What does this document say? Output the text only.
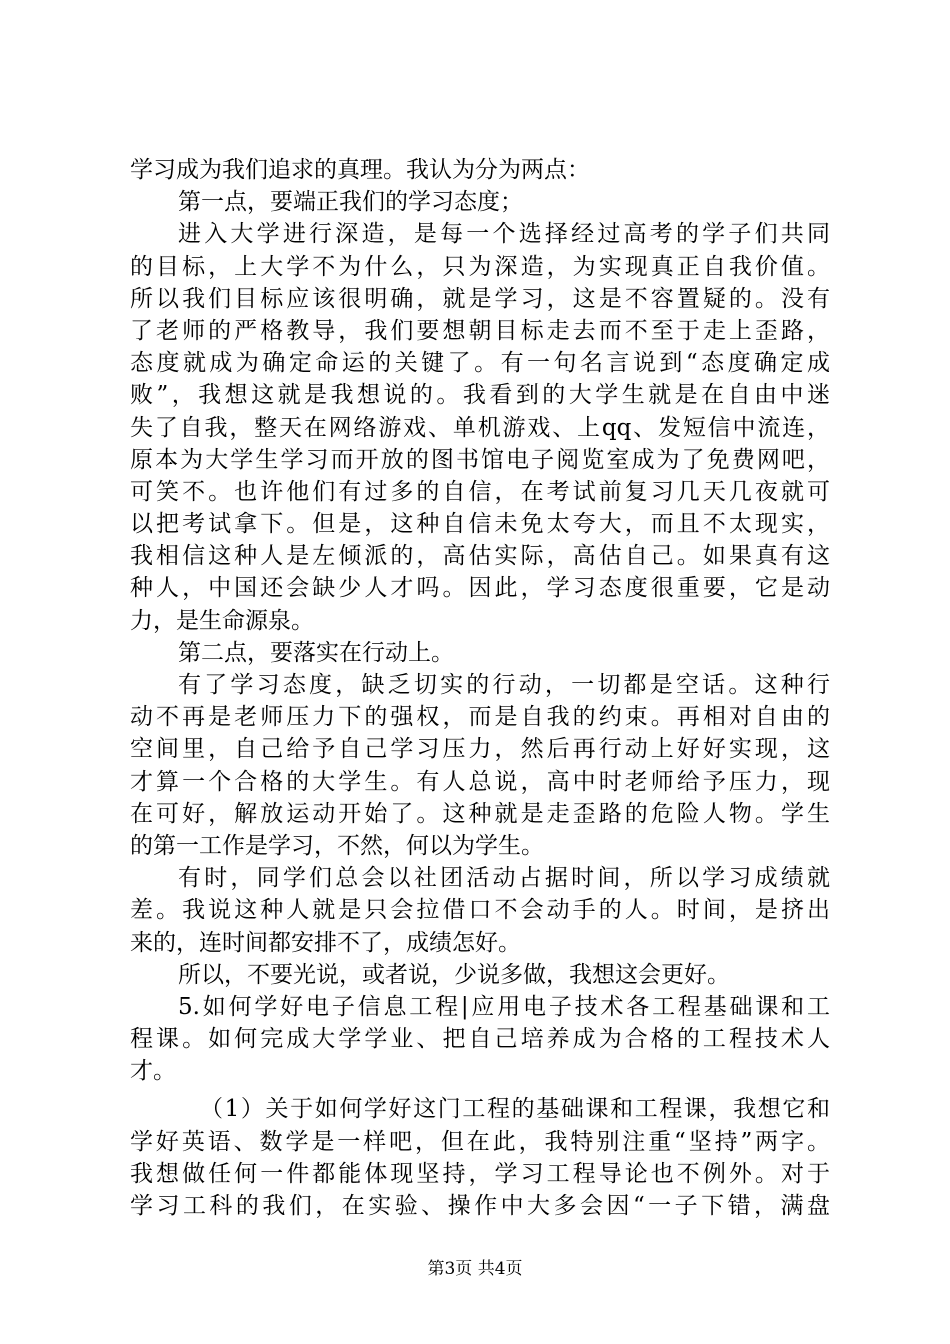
学习成为我们追求的真理。我认为分为两点：
第一点，要端正我们的学习态度；
进入大学进行深造，是每一个选择经过高考的学子们共同
的目标，上大学不为什么，只为深造，为实现真正自我价值。
所以我们目标应该很明确，就是学习，这是不容置疑的。没有
了老师的严格教导，我们要想朝目标走去而不至于走上歪路，
态度就成为确定命运的关键了。有一句名言说到“态度确定成
败”，我想这就是我想说的。我看到的大学生就是在自由中迷
失了自我，整天在网络游戏、单机游戏、上qq、发短信中流连，
原本为大学生学习而开放的图书馆电子阅览室成为了免费网吧，
可笑不。也许他们有过多的自信，在考试前复习几天几夜就可
以把考试拿下。但是，这种自信未免太夸大，而且不太现实，
我相信这种人是左倾派的，高估实际，高估自己。如果真有这
种人，中国还会缺少人才吗。因此，学习态度很重要，它是动
力，是生命源泉。
第二点，要落实在行动上。
有了学习态度，缺乏切实的行动，一切都是空话。这种行
动不再是老师压力下的强权，而是自我的约束。再相对自由的
空间里，自己给予自己学习压力，然后再行动上好好实现，这
才算一个合格的大学生。有人总说，高中时老师给予压力，现
在可好，解放运动开始了。这种就是走歪路的危险人物。学生
的第一工作是学习，不然，何以为学生。
有时，同学们总会以社团活动占据时间，所以学习成绩就
差。我说这种人就是只会拉借口不会动手的人。时间，是挤出
来的，连时间都安排不了，成绩怎好。
所以，不要光说，或者说，少说多做，我想这会更好。
5.如何学好电子信息工程|应用电子技术各工程基础课和工
程课。如何完成大学学业、把自己培养成为合格的工程技术人
才。
（1）关于如何学好这门工程的基础课和工程课，我想它和
学好英语、数学是一样吧，但在此，我特别注重“坚持”两字。
我想做任何一件都能体现坚持，学习工程导论也不例外。对于
学习工科的我们，在实验、操作中大多会因“一子下错，满盘
第3页 共4页
